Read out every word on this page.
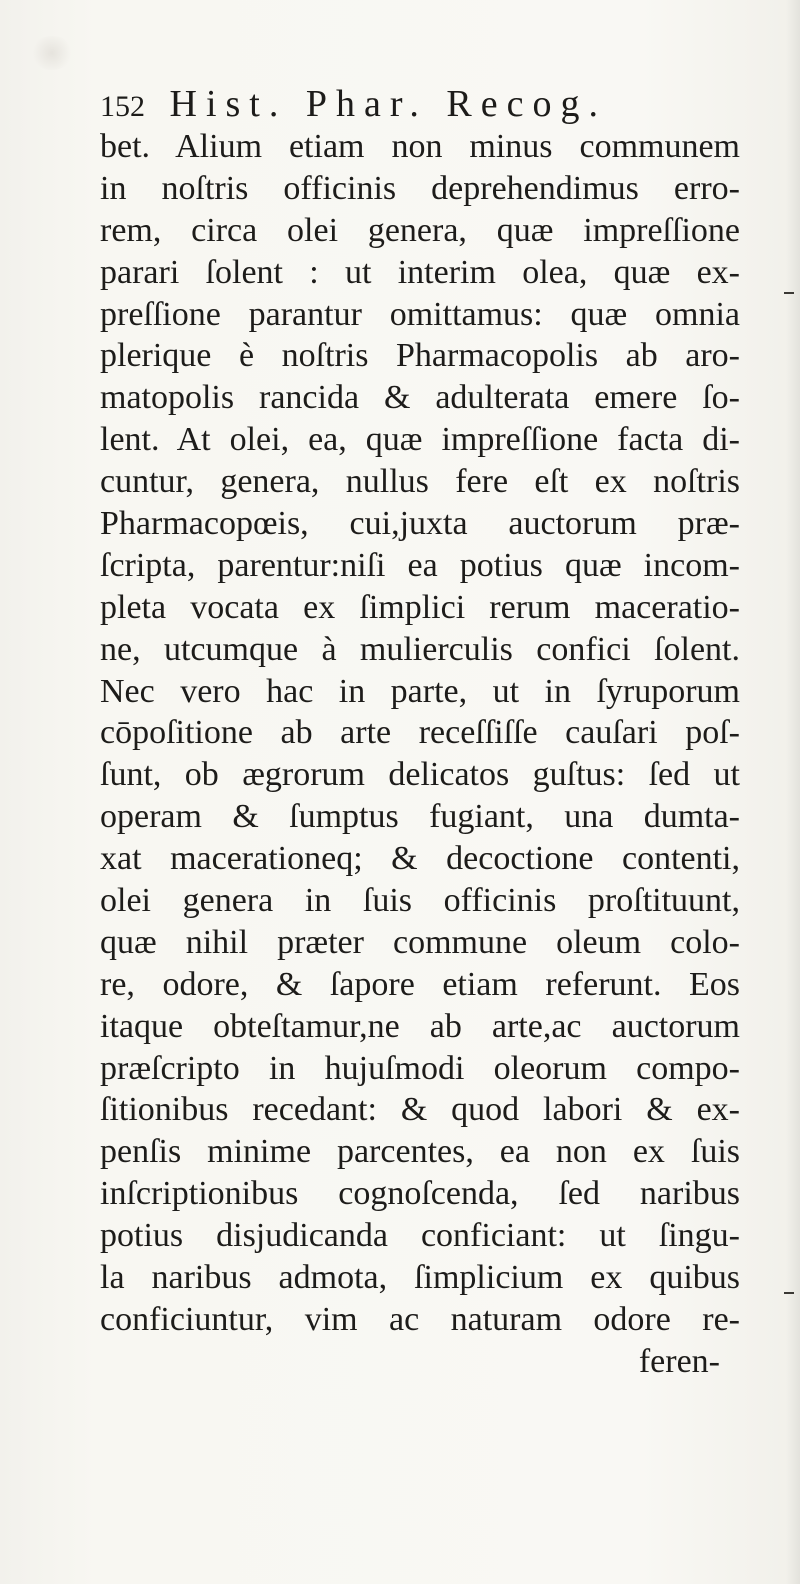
152 Hist. Phar. Recog.
bet. Alium etiam non minus communem
in noſtris officinis deprehendimus erro-
rem, circa olei genera, quæ impreſſione
parari ſolent : ut interim olea, quæ ex-
preſſione parantur omittamus: quæ omnia
plerique è noſtris Pharmacopolis ab aro-
matopolis rancida & adulterata emere ſo-
lent. At olei, ea, quæ impreſſione facta di-
cuntur, genera, nullus fere eſt ex noſtris
Pharmacopœis, cui,juxta auctorum præ-
ſcripta, parentur:niſi ea potius quæ incom-
pleta vocata ex ſimplici rerum maceratio-
ne, utcumque à mulierculis confici ſolent.
Nec vero hac in parte, ut in ſyruporum
cōpoſitione ab arte receſſiſſe cauſari poſ-
ſunt, ob ægrorum delicatos guſtus: ſed ut
operam & ſumptus fugiant, una dumta-
xat macerationeq; & decoctione contenti,
olei genera in ſuis officinis proſtituunt,
quæ nihil præter commune oleum colo-
re, odore, & ſapore etiam referunt. Eos
itaque obteſtamur,ne ab arte,ac auctorum
præſcripto in hujuſmodi oleorum compo-
ſitionibus recedant: & quod labori & ex-
penſis minime parcentes, ea non ex ſuis
inſcriptionibus cognoſcenda, ſed naribus
potius disjudicanda conficiant: ut ſingu-
la naribus admota, ſimplicium ex quibus
conficiuntur, vim ac naturam odore re-
feren-
